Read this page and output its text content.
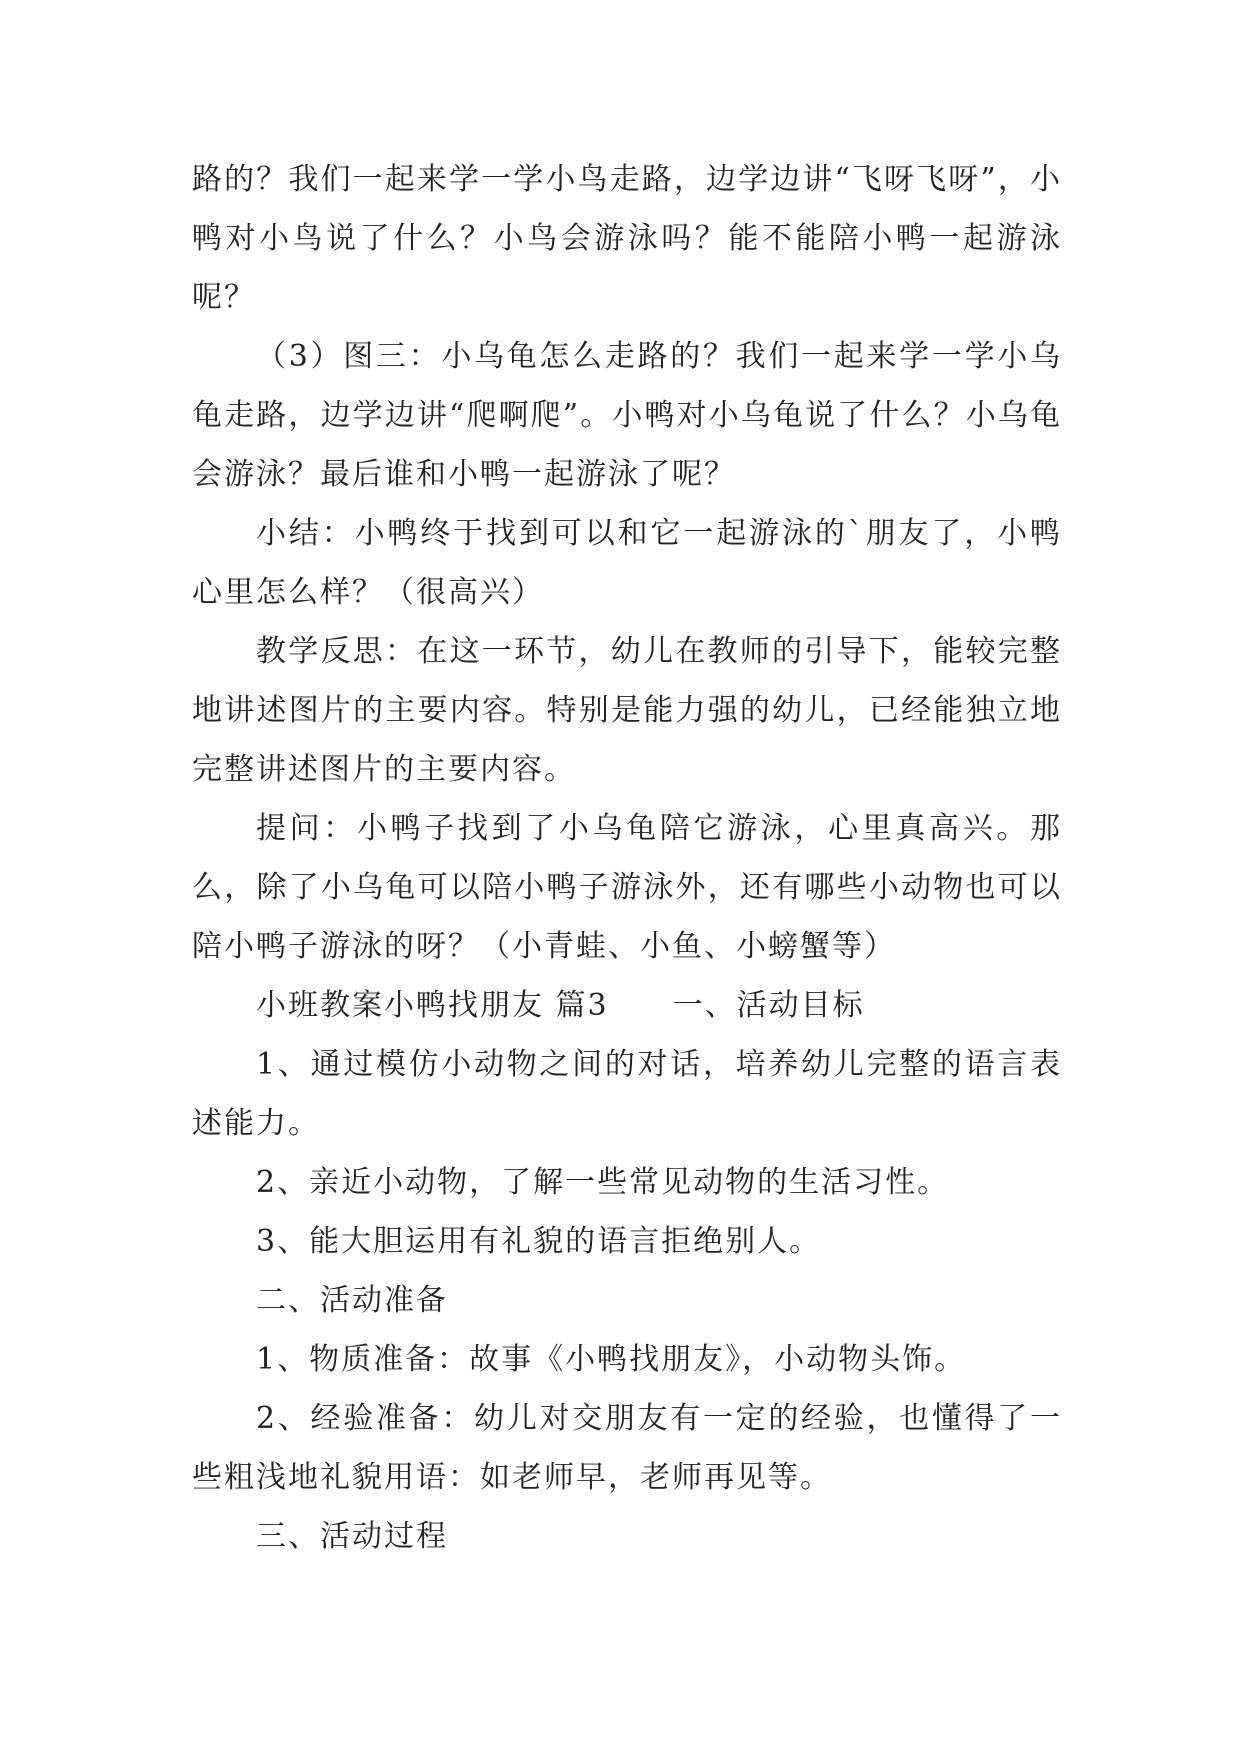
路的？我们一起来学一学小鸟走路，边学边讲“飞呀飞呀”，小鸭对小鸟说了什么？小鸟会游泳吗？能不能陪小鸭一起游泳呢？

（3）图三：小乌龟怎么走路的？我们一起来学一学小乌龟走路，边学边讲“爬啊爬”。小鸭对小乌龟说了什么？小乌龟会游泳？最后谁和小鸭一起游泳了呢？

小结：小鸭终于找到可以和它一起游泳的`朋友了，小鸭心里怎么样？（很高兴）

教学反思：在这一环节，幼儿在教师的引导下，能较完整地讲述图片的主要内容。特别是能力强的幼儿，已经能独立地完整讲述图片的主要内容。

提问：小鸭子找到了小乌龟陪它游泳，心里真高兴。那么，除了小乌龟可以陪小鸭子游泳外，还有哪些小动物也可以陪小鸭子游泳的呀？（小青蛙、小鱼、小螃蟹等）

小班教案小鸭找朋友 篇3　　一、活动目标

1、通过模仿小动物之间的对话，培养幼儿完整的语言表述能力。

2、亲近小动物，了解一些常见动物的生活习性。

3、能大胆运用有礼貌的语言拒绝别人。

二、活动准备

1、物质准备：故事《小鸭找朋友》，小动物头饰。

2、经验准备：幼儿对交朋友有一定的经验，也懂得了一些粗浅地礼貌用语：如老师早，老师再见等。

三、活动过程
